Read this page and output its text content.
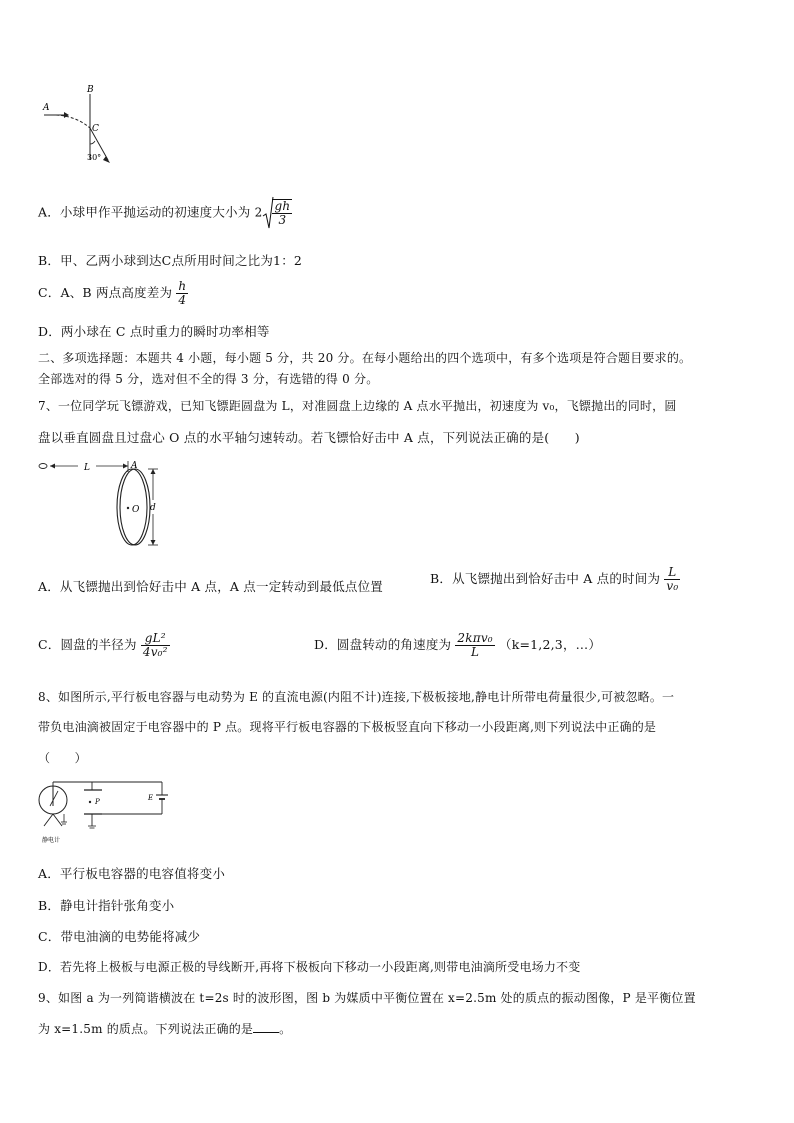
A
B
C
30°
A．小球甲作平抛运动的初速度大小为 $2 \frac{gh}{3}$
B．甲、乙两小球到达C点所用时间之比为1：2
C．A、B 两点高度差为 $\frac{h}{4}$
D．两小球在 C 点时重力的瞬时功率相等
二、多项选择题：本题共 4 小题，每小题 5 分，共 20 分。在每小题给出的四个选项中，有多个选项是符合题目要求的。
全部选对的得 5 分，选对但不全的得 3 分，有选错的得 0 分。
7、一位同学玩飞镖游戏，已知飞镖距圆盘为 L，对准圆盘上边缘的 A 点水平抛出，初速度为 v₀，飞镖抛出的同时，圆
盘以垂直圆盘且过盘心 O 点的水平轴匀速转动。若飞镖恰好击中 A 点，下列说法正确的是(　　)
L	A
O d
A．从飞镖抛出到恰好击中 A 点，A 点一定转动到最低点位置
B．从飞镖抛出到恰好击中 A 点的时间为 $\frac{L}{\text{v₀}}$
C．圆盘的半径为 $\frac{\text{gL²}}{\text{4v₀²}}$	D．圆盘转动的角速度为 $\frac{\text{2kπv₀}}{L} (k=1,2,3$，…）
8、如图所示,平行板电容器与电动势为 E 的直流电源(内阻不计)连接,下极板接地,静电计所带电荷量很少,可被忽略。一
带负电油滴被固定于电容器中的 P 点。现将平行板电容器的下极板竖直向下移动一小段距离,则下列说法中正确的是
（　　）
P	E
静电计
A．平行板电容器的电容值将变小
B．静电计指针张角变小
C．带电油滴的电势能将减少
D．若先将上极板与电源正极的导线断开,再将下极板向下移动一小段距离,则带电油滴所受电场力不变
9、如图 a 为一列简谐横波在 t=2s 时的波形图，图 b 为媒质中平衡位置在 x=2.5m 处的质点的振动图像，P 是平衡位置
为 x=1.5m 的质点。下列说法正确的是 。
